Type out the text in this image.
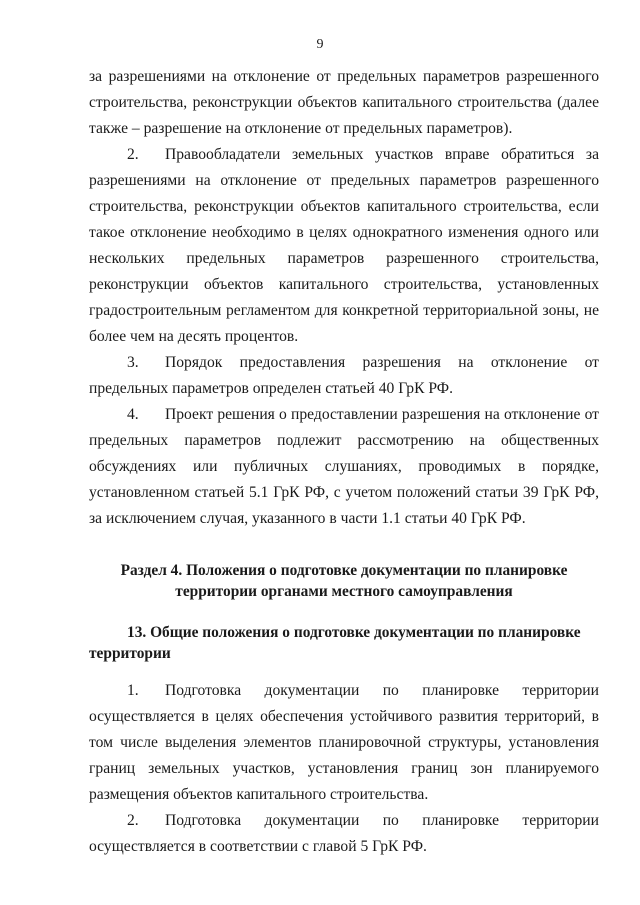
9

за разрешениями на отклонение от предельных параметров разрешенного строительства, реконструкции объектов капитального строительства (далее также – разрешение на отклонение от предельных параметров).

2. Правообладатели земельных участков вправе обратиться за разрешениями на отклонение от предельных параметров разрешенного строительства, реконструкции объектов капитального строительства, если такое отклонение необходимо в целях однократного изменения одного или нескольких предельных параметров разрешенного строительства, реконструкции объектов капитального строительства, установленных градостроительным регламентом для конкретной территориальной зоны, не более чем на десять процентов.

3. Порядок предоставления разрешения на отклонение от предельных параметров определен статьей 40 ГрК РФ.

4. Проект решения о предоставлении разрешения на отклонение от предельных параметров подлежит рассмотрению на общественных обсуждениях или публичных слушаниях, проводимых в порядке, установленном статьей 5.1 ГрК РФ, с учетом положений статьи 39 ГрК РФ, за исключением случая, указанного в части 1.1 статьи 40 ГрК РФ.

Раздел 4. Положения о подготовке документации по планировке
территории органами местного самоуправления

13. Общие положения о подготовке документации по планировке территории

1. Подготовка документации по планировке территории осуществляется в целях обеспечения устойчивого развития территорий, в том числе выделения элементов планировочной структуры, установления границ земельных участков, установления границ зон планируемого размещения объектов капитального строительства.

2. Подготовка документации по планировке территории осуществляется в соответствии с главой 5 ГрК РФ.
